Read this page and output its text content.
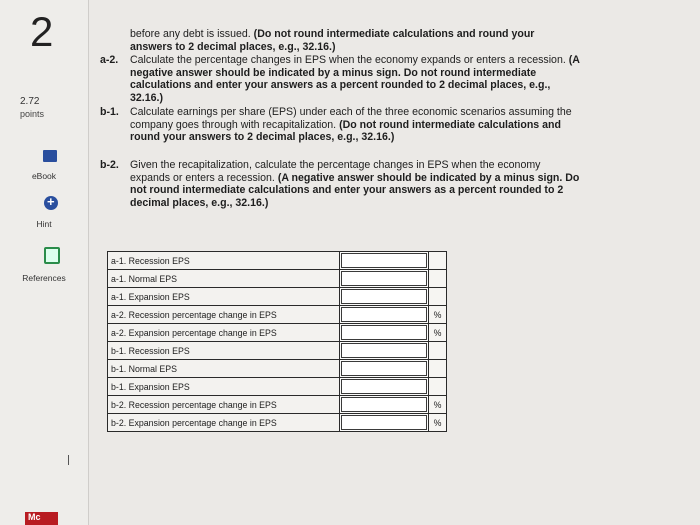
2
2.72
points
eBook
+
Hint
References
Mc
before any debt is issued. (Do not round intermediate calculations and round your answers to 2 decimal places, e.g., 32.16.)
a-2. Calculate the percentage changes in EPS when the economy expands or enters a recession. (A negative answer should be indicated by a minus sign. Do not round intermediate calculations and enter your answers as a percent rounded to 2 decimal places, e.g., 32.16.)
b-1. Calculate earnings per share (EPS) under each of the three economic scenarios assuming the company goes through with recapitalization. (Do not round intermediate calculations and round your answers to 2 decimal places, e.g., 32.16.)
b-2. Given the recapitalization, calculate the percentage changes in EPS when the economy expands or enters a recession. (A negative answer should be indicated by a minus sign. Do not round intermediate calculations and enter your answers as a percent rounded to 2 decimal places, e.g., 32.16.)
a-1. Recession EPS	

a-1. Normal EPS	

a-1. Expansion EPS	

a-2. Recession percentage change in EPS		%
a-2. Expansion percentage change in EPS		%
b-1. Recession EPS	

b-1. Normal EPS	

b-1. Expansion EPS	

b-2. Recession percentage change in EPS		%
b-2. Expansion percentage change in EPS		%
